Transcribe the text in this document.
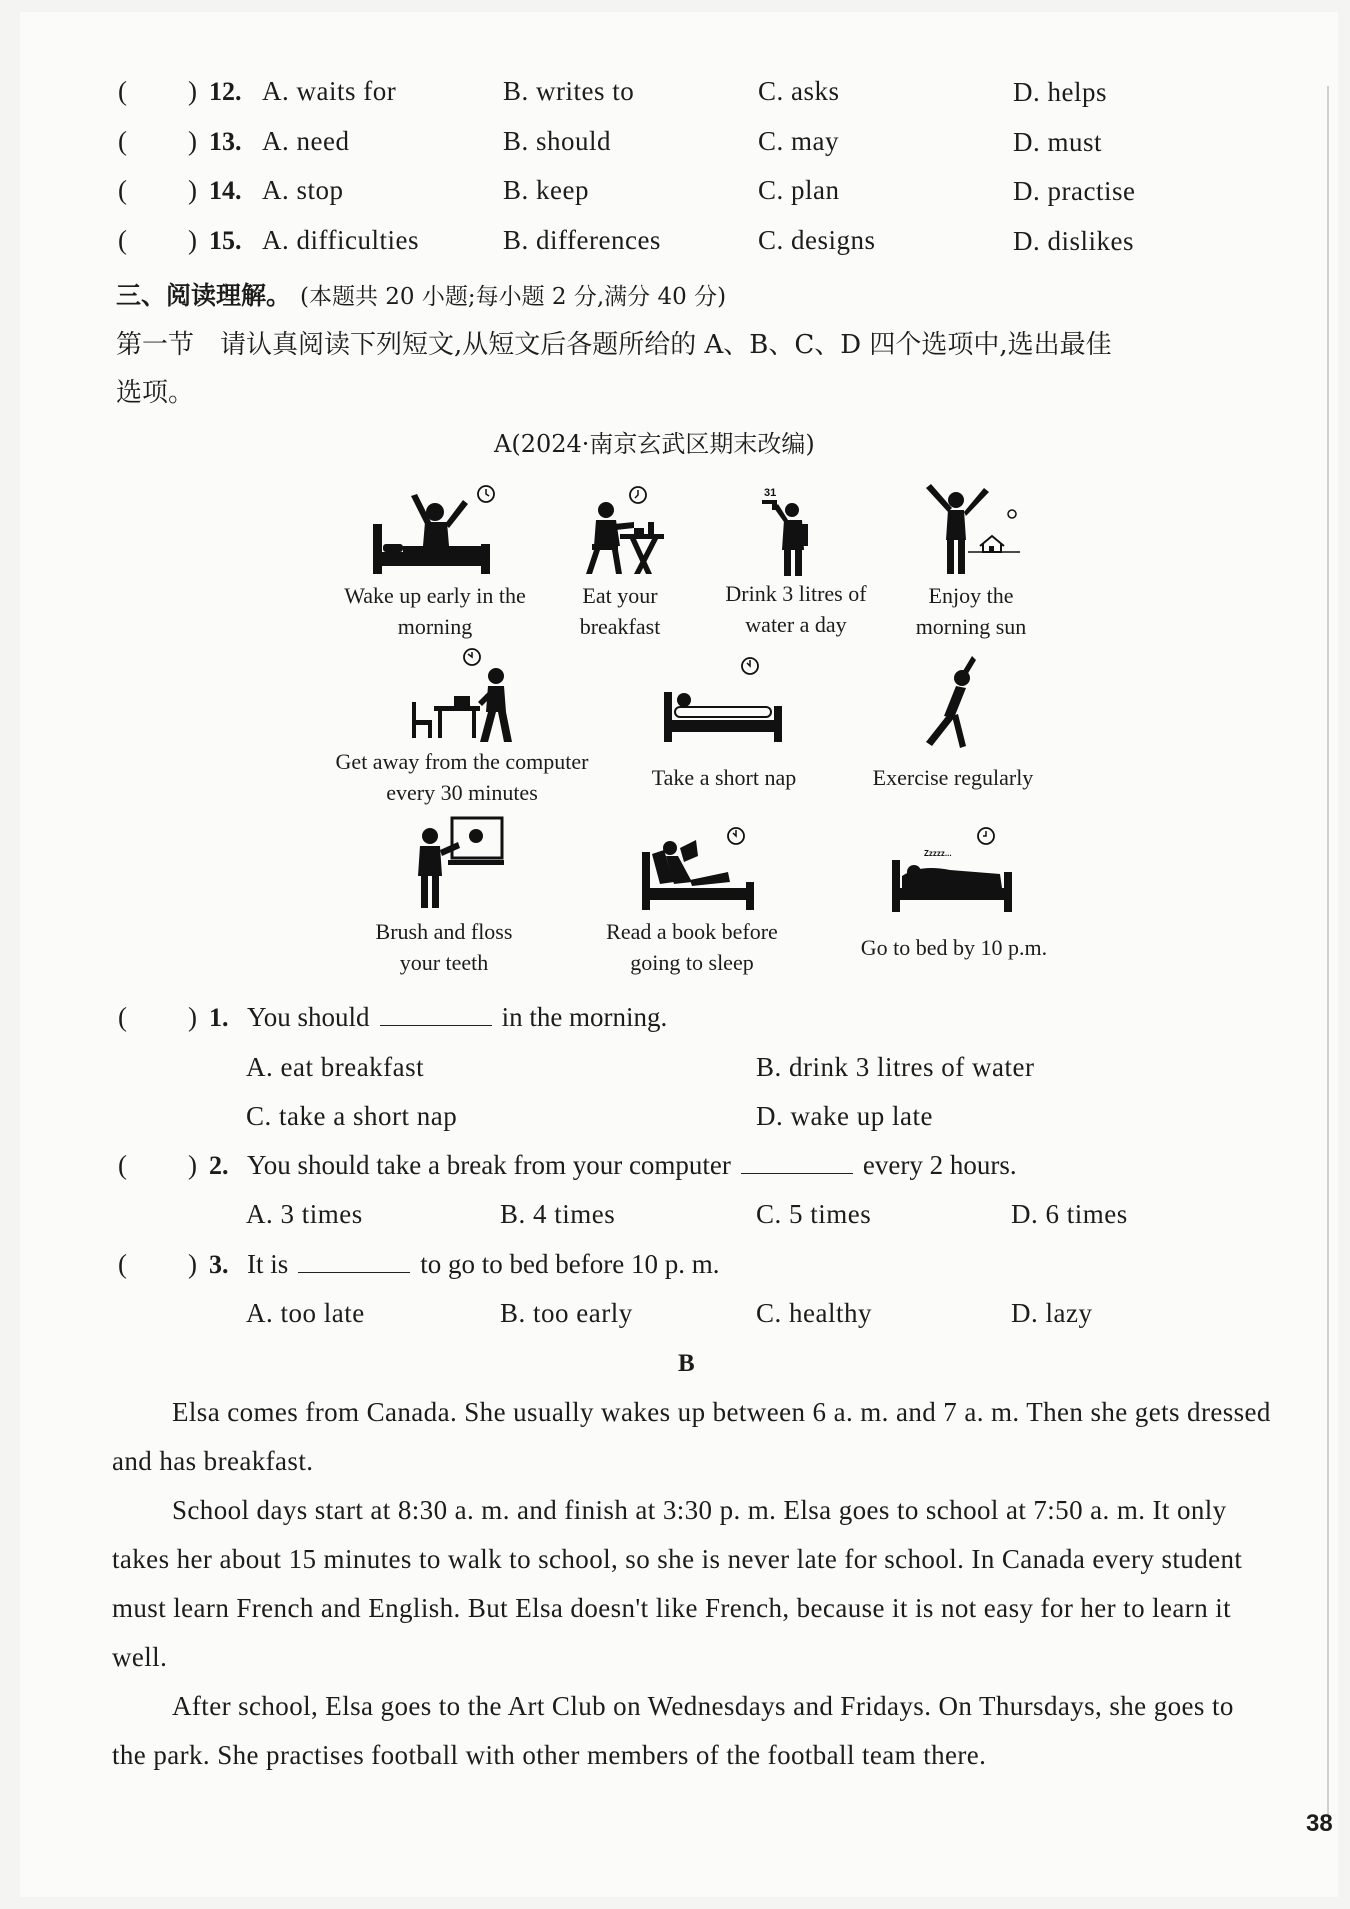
( ) 12. A. waits for	B. writes to	C. asks	D. helps
( ) 13. A. need	B. should	C. may	D. must
( ) 14. A. stop	B. keep	C. plan	D. practise
( ) 15. A. difficulties	B. differences	C. designs	D. dislikes
三、阅读理解。 (本题共 20 小题;每小题 2 分,满分 40 分)
第一节　请认真阅读下列短文,从短文后各题所给的 A、B、C、D 四个选项中,选出最佳
选项。
A(2024·南京玄武区期末改编)
31
Wake up early in the
morning
Eat your
breakfast
Drink 3 litres of
water a day
Enjoy the
morning sun
Get away from the computer
every 30 minutes
Take a short nap	Exercise regularly
Zzzzz...
Brush and floss
your teeth
Read a book before
going to sleep
Go to bed by 10 p.m.
( ) 1. You should	in the morning.
A. eat breakfast	B. drink 3 litres of water
C. take a short nap	D. wake up late
( ) 2. You should take a break from your computer	every 2 hours.
A. 3 times	B. 4 times	C. 5 times	D. 6 times
( ) 3. It is	to go to bed before 10 p. m.
A. too late	B. too early	C. healthy	D. lazy
B
Elsa comes from Canada. She usually wakes up between 6 a. m. and 7 a. m. Then she gets dressed and has breakfast.
School days start at 8:30 a. m. and finish at 3:30 p. m. Elsa goes to school at 7:50 a. m. It only takes her about 15 minutes to walk to school, so she is never late for school. In Canada every student must learn French and English. But Elsa doesn't like French, because it is not easy for her to learn it well.
After school, Elsa goes to the Art Club on Wednesdays and Fridays. On Thursdays, she goes to the park. She practises football with other members of the football team there.
38
